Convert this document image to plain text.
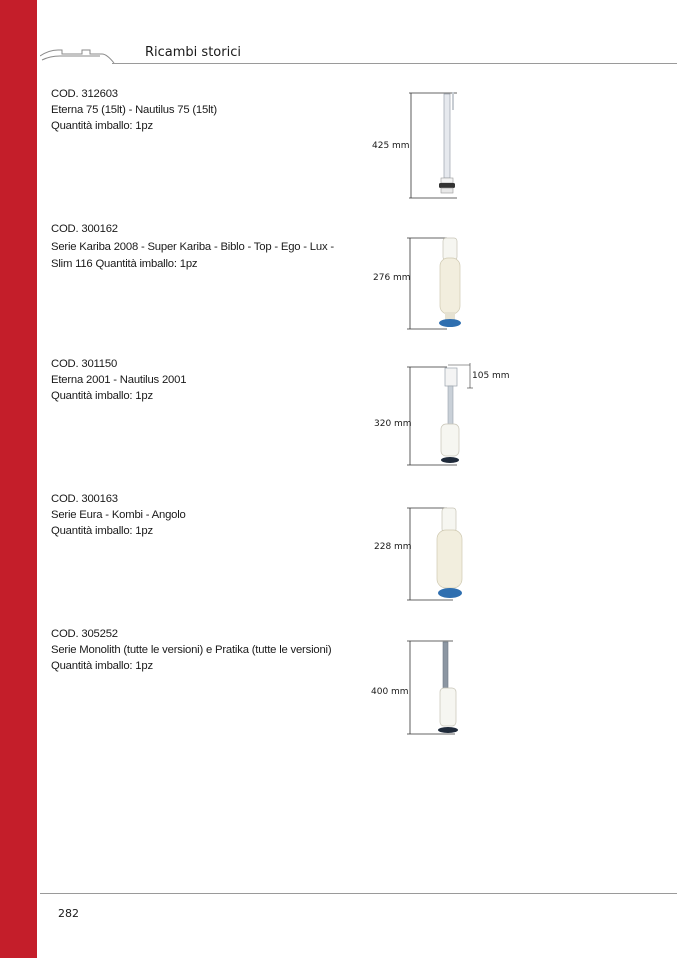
Ricambi storici
COD. 312603
Eterna 75 (15lt) - Nautilus 75 (15lt)
Quantità imballo: 1pz
425 mm
COD. 300162
Serie Kariba 2008 - Super Kariba - Biblo - Top - Ego - Lux - Slim 116 Quantità imballo: 1pz
276 mm
COD. 301150
Eterna 2001 - Nautilus 2001
Quantità imballo: 1pz
105 mm
320 mm
COD. 300163
Serie Eura - Kombi - Angolo
Quantità imballo: 1pz
228 mm
COD. 305252
Serie Monolith (tutte le versioni) e Pratika (tutte le versioni)
Quantità imballo: 1pz
400 mm
282
